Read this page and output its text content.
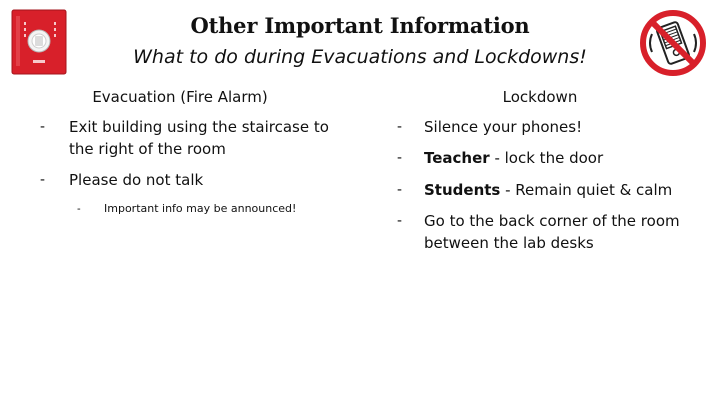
Other Important Information
What to do during Evacuations and Lockdowns!
Evacuation (Fire Alarm)
- Exit building using the staircase to
the right of the room
- Please do not talk
- Important info may be announced!
Lockdown
- Silence your phones!
- Teacher - lock the door
- Students - Remain quiet & calm
- Go to the back corner of the room
between the lab desks
